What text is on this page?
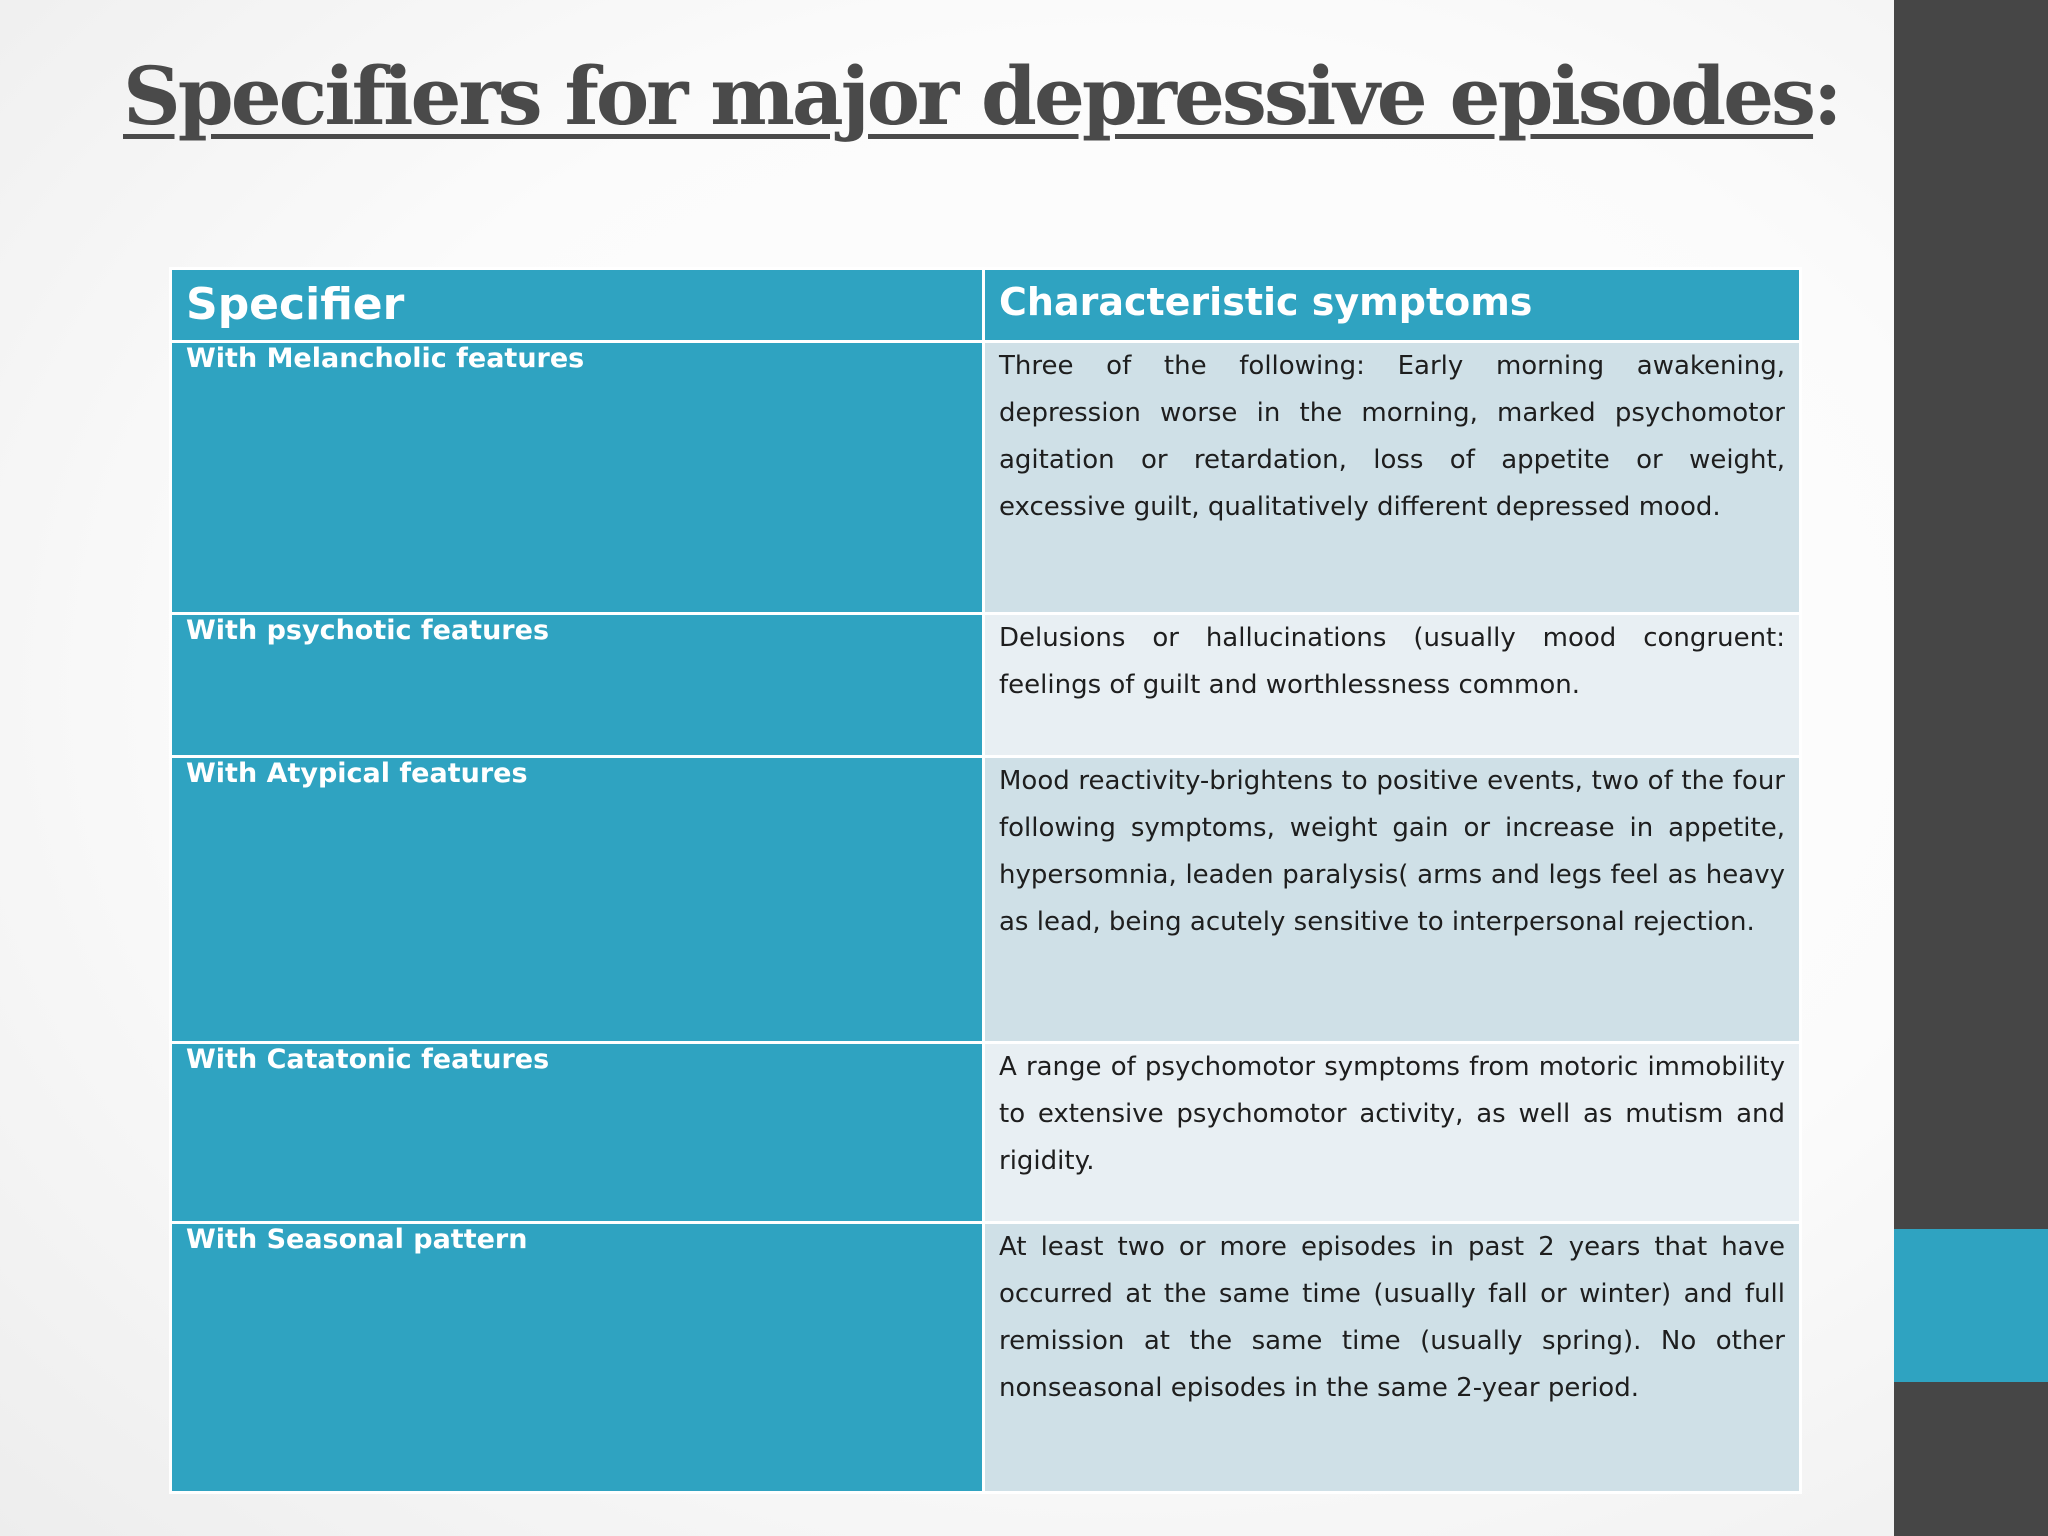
Specifiers for major depressive episodes:
Specifier	Characteristic symptoms
With Melancholic features	Three of the following: Early morning awakening, depression worse in the morning, marked psychomotor agitation or retardation, loss of appetite or weight, excessive guilt, qualitatively different depressed mood.
With psychotic features	Delusions or hallucinations (usually mood congruent: feelings of guilt and worthlessness common.
With Atypical features	Mood reactivity-brightens to positive events, two of the four following symptoms, weight gain or increase in appetite, hypersomnia, leaden paralysis( arms and legs feel as heavy as lead, being acutely sensitive to interpersonal rejection.
With Catatonic features	A range of psychomotor symptoms from motoric immobility to extensive psychomotor activity, as well as mutism and rigidity.
With Seasonal pattern	At least two or more episodes in past 2 years that have occurred at the same time (usually fall or winter) and full remission at the same time (usually spring). No other nonseasonal episodes in the same 2-year period.
